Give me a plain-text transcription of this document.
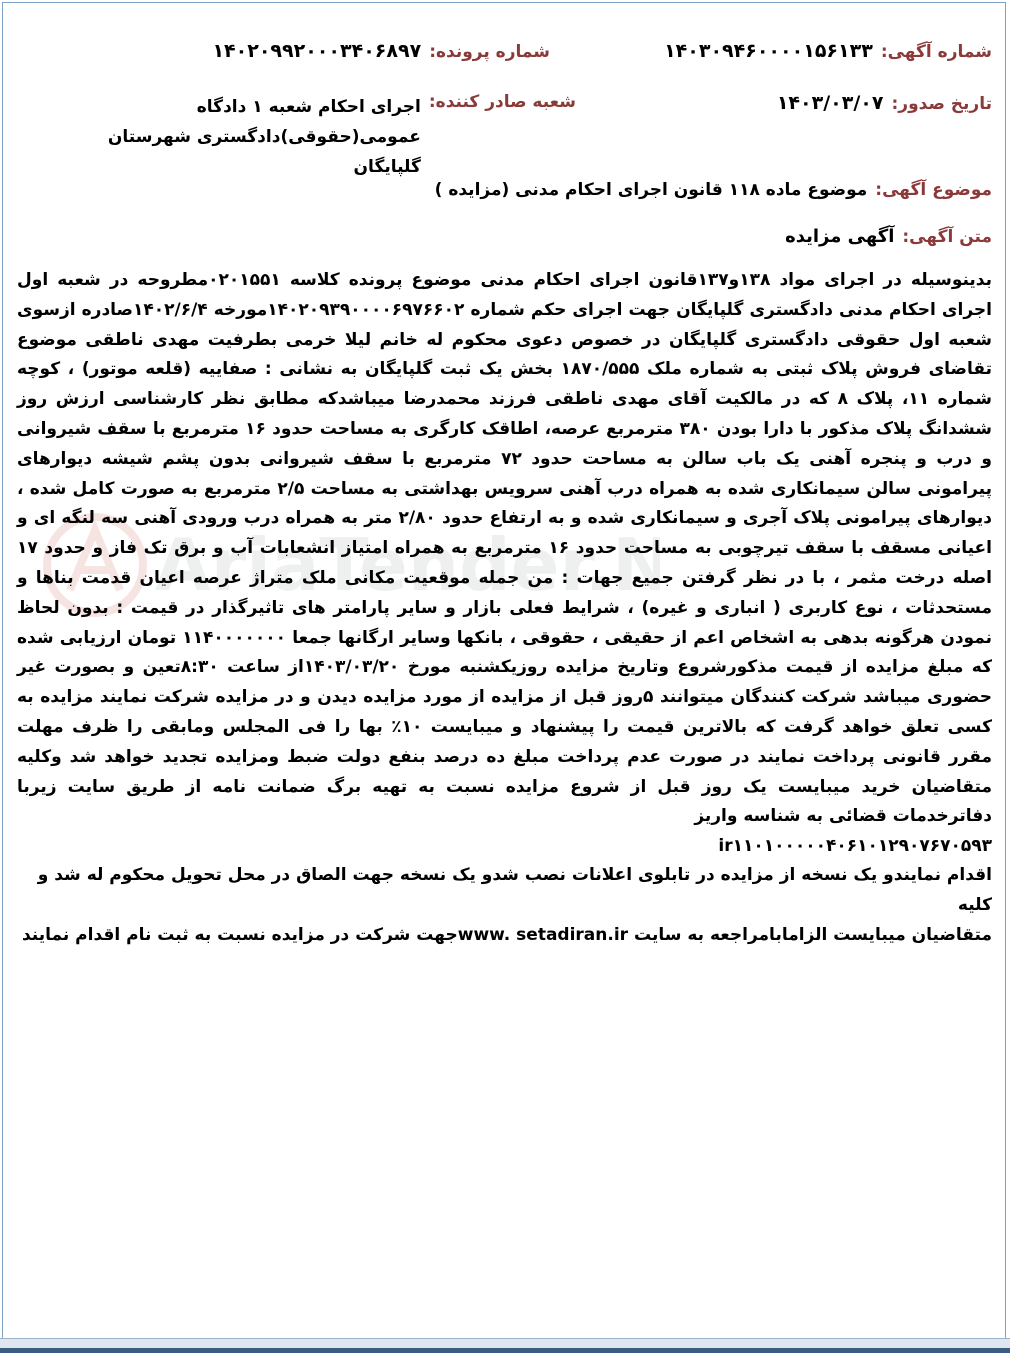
AriaTender.N
شماره آگهی:
۱۴۰۳۰۹۴۶۰۰۰۰۱۵۶۱۳۳
شماره پرونده:
۱۴۰۲۰۹۹۲۰۰۰۳۴۰۶۸۹۷
تاریخ صدور:
۱۴۰۳/۰۳/۰۷
شعبه صادر کننده:
اجرای احکام شعبه ۱ دادگاه عمومی(حقوقی)دادگستری شهرستان گلپایگان
موضوع آگهی:
موضوع ماده ۱۱۸ قانون اجرای احکام مدنی (مزایده )
متن آگهی:
آگهی مزایده

بدینوسیله در اجرای مواد ۱۳۸و۱۳۷قانون اجرای احکام مدنی موضوع پرونده کلاسه ۰۲۰۱۵۵۱مطروحه در شعبه اول اجرای احکام مدنی دادگستری گلپایگان جهت اجرای حکم شماره ۱۴۰۲۰۹۳۹۰۰۰۰۶۹۷۶۶۰۲مورخه ۱۴۰۲/۶/۴صادره ازسوی شعبه اول حقوقی دادگستری گلپایگان در خصوص دعوی محکوم له خانم لیلا خرمی بطرفیت مهدی ناطقی موضوع تقاضای فروش پلاک ثبتی به شماره ملک ۱۸۷۰/۵۵۵ بخش یک ثبت گلپایگان به نشانی : صفاییه (قلعه موتور) ، کوچه شماره ۱۱، پلاک ۸ که در مالکیت آقای مهدی ناطقی فرزند محمدرضا میباشدکه مطابق نظر کارشناسی ارزش روز ششدانگ پلاک مذکور با دارا بودن ۳۸۰ مترمربع عرصه، اطاقک کارگری به مساحت حدود ۱۶ مترمربع با سقف شیروانی و درب و پنجره آهنی یک باب سالن به مساحت حدود ۷۲ مترمربع با سقف شیروانی بدون پشم شیشه دیوارهای پیرامونی سالن سیمانکاری شده به همراه درب آهنی سرویس بهداشتی به مساحت ۲/۵ مترمربع به صورت کامل شده ، دیوارهای پیرامونی پلاک آجری و سیمانکاری شده و به ارتفاع حدود ۲/۸۰ متر به همراه درب ورودی آهنی سه لنگه ای و اعیانی مسقف با سقف تیرچوبی به مساحت حدود ۱۶ مترمربع به همراه امتیاز انشعابات آب و برق تک فاز و حدود ۱۷ اصله درخت مثمر ، با در نظر گرفتن جمیع جهات : من جمله موقعیت مکانی ملک متراژ عرصه اعیان قدمت بناها و مستحدثات ، نوع کاربری ( انباری و غیره) ، شرایط فعلی بازار و سایر پارامتر های تاثیرگذار در قیمت : بدون لحاظ نمودن هرگونه بدهی به اشخاص اعم از حقیقی ، حقوقی ، بانکها وسایر ارگانها جمعا ۱۱۴۰۰۰۰۰۰۰ تومان ارزیابی شده که مبلغ مزایده از قیمت مذکورشروع وتاریخ مزایده روزیکشنبه مورخ ۱۴۰۳/۰۳/۲۰از ساعت ۸:۳۰تعین و بصورت غیر حضوری میباشد شرکت کنندگان میتوانند ۵روز قبل از مزایده از مورد مزایده دیدن و در مزایده شرکت نمایند مزایده به کسی تعلق خواهد گرفت که بالاترین قیمت را پیشنهاد و میبایست ۱۰٪ بها را فی المجلس ومابقی را ظرف مهلت مقرر قانونی پرداخت نمایند در صورت عدم پرداخت مبلغ ده درصد بنفع دولت ضبط ومزایده تجدید خواهد شد وکلیه متقاضیان خرید میبایست یک روز قبل از شروع مزایده نسبت به تهیه برگ ضمانت نامه از طریق سایت زیربا دفاترخدمات قضائی به شناسه واریز

ir۱۱۰۱۰۰۰۰۰۴۰۶۱۰۱۲۹۰۷۶۷۰۵۹۳

اقدام نمایندو یک نسخه از مزایده در تابلوی اعلانات نصب شدو یک نسخه جهت الصاق در محل تحویل محکوم له شد و کلیه

متقاضیان میبایست الزامابامراجعه به سایت www. setadiran.irجهت شرکت در مزایده نسبت به ثبت نام اقدام نمایند
